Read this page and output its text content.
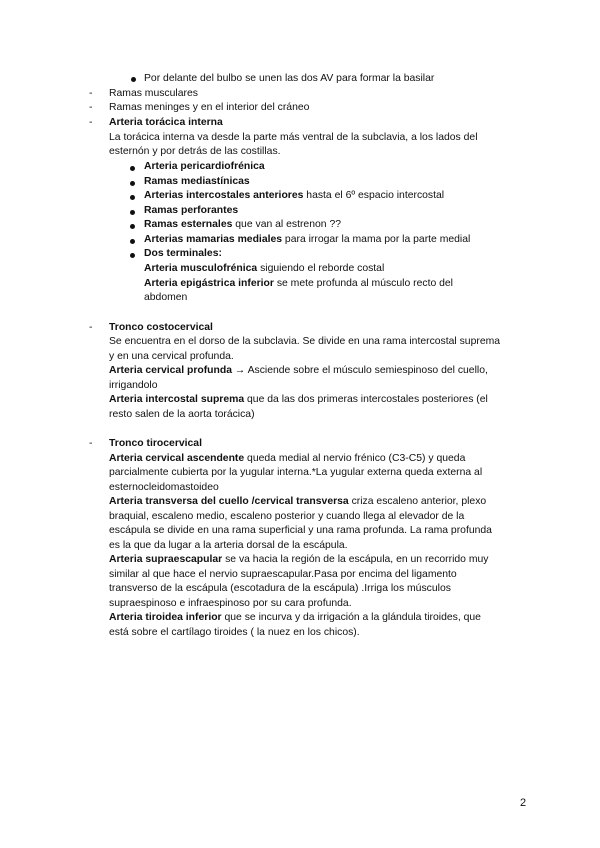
Por delante del bulbo se unen las dos AV para formar la basilar
- Ramas musculares
- Ramas meninges y en el interior del cráneo
- Arteria torácica interna
La torácica interna va desde la parte más ventral de la subclavia, a los lados del
esternón y por detrás de las costillas.
Arteria pericardiofrénica
Ramas mediastínicas
Arterias intercostales anteriores hasta el 6º espacio intercostal
Ramas perforantes
Ramas esternales que van al estrenon ??
Arterias mamarias mediales para irrogar la mama por la parte medial
Dos terminales:
Arteria musculofrénica siguiendo el reborde costal
Arteria epigástrica inferior se mete profunda al músculo recto del
abdomen
- Tronco costocervical
Se encuentra en el dorso de la subclavia. Se divide en una rama intercostal suprema
y en una cervical profunda.
Arteria cervical profunda → Asciende sobre el músculo semiespinoso del cuello,
irrigandolo
Arteria intercostal suprema que da las dos primeras intercostales posteriores (el
resto salen de la aorta torácica)
- Tronco tirocervical
Arteria cervical ascendente queda medial al nervio frénico (C3-C5) y queda
parcialmente cubierta por la yugular interna.*La yugular externa queda externa al
esternocleidomastoideo
Arteria transversa del cuello /cervical transversa criza escaleno anterior, plexo
braquial, escaleno medio, escaleno posterior y cuando llega al elevador de la
escápula se divide en una rama superficial y una rama profunda. La rama profunda
es la que da lugar a la arteria dorsal de la escápula.
Arteria supraescapular se va hacia la región de la escápula, en un recorrido muy
similar al que hace el nervio supraescapular.Pasa por encima del ligamento
transverso de la escápula (escotadura de la escápula) .Irriga los músculos
supraespinoso e infraespinoso por su cara profunda.
Arteria tiroidea inferior que se incurva y da irrigación a la glándula tiroides, que
está sobre el cartílago tiroides ( la nuez en los chicos).
2
